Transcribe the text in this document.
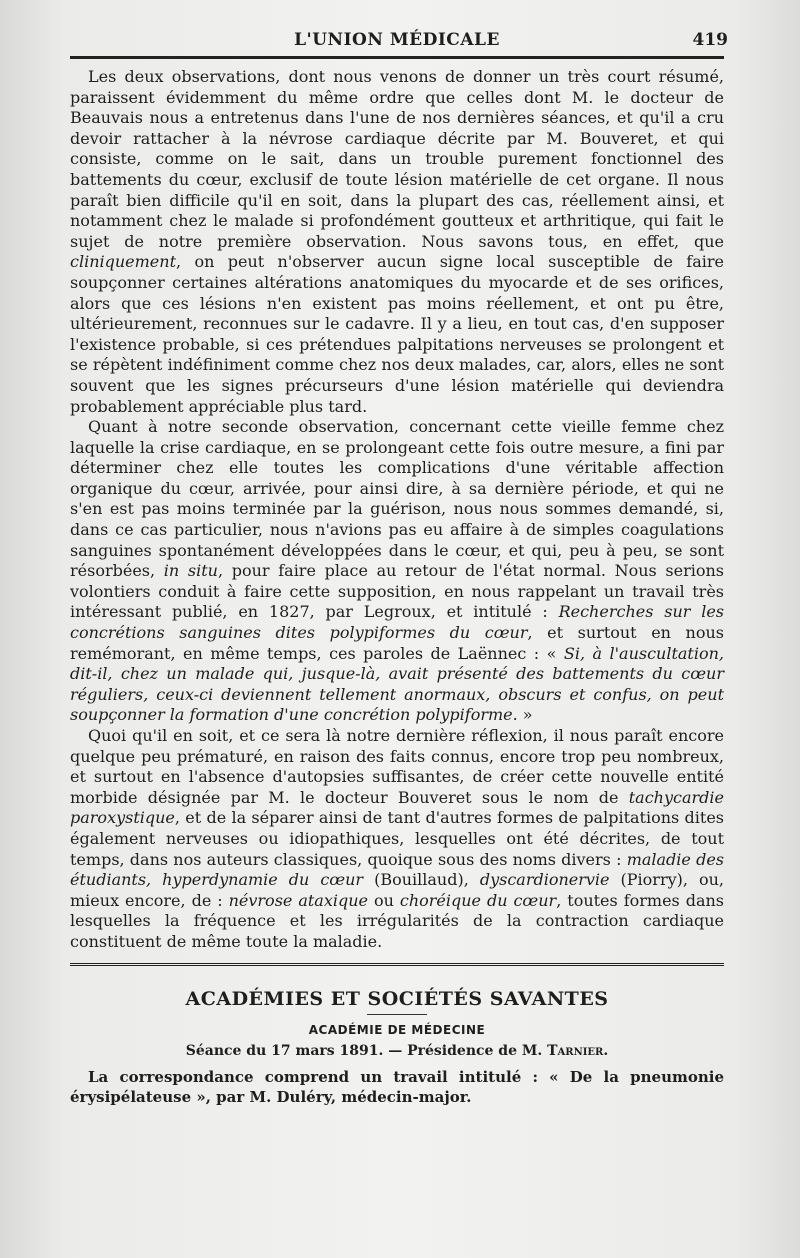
L'UNION MÉDICALE	419

Les deux observations, dont nous venons de donner un très court résumé, paraissent évidemment du même ordre que celles dont M. le docteur de Beauvais nous a entretenus dans l'une de nos dernières séances, et qu'il a cru devoir rattacher à la névrose cardiaque décrite par M. Bouveret, et qui consiste, comme on le sait, dans un trouble purement fonctionnel des battements du cœur, exclusif de toute lésion matérielle de cet organe. Il nous paraît bien difficile qu'il en soit, dans la plupart des cas, réellement ainsi, et notamment chez le malade si profondément goutteux et arthritique, qui fait le sujet de notre première observation. Nous savons tous, en effet, que cliniquement, on peut n'observer aucun signe local susceptible de faire soupçonner certaines altérations anatomiques du myocarde et de ses orifices, alors que ces lésions n'en existent pas moins réellement, et ont pu être, ultérieurement, reconnues sur le cadavre. Il y a lieu, en tout cas, d'en supposer l'existence probable, si ces prétendues palpitations nerveuses se prolongent et se répètent indéfiniment comme chez nos deux malades, car, alors, elles ne sont souvent que les signes précurseurs d'une lésion matérielle qui deviendra probablement appréciable plus tard.

Quant à notre seconde observation, concernant cette vieille femme chez laquelle la crise cardiaque, en se prolongeant cette fois outre mesure, a fini par déterminer chez elle toutes les complications d'une véritable affection organique du cœur, arrivée, pour ainsi dire, à sa dernière période, et qui ne s'en est pas moins terminée par la guérison, nous nous sommes demandé, si, dans ce cas particulier, nous n'avions pas eu affaire à de simples coagulations sanguines spontanément développées dans le cœur, et qui, peu à peu, se sont résorbées, in situ, pour faire place au retour de l'état normal. Nous serions volontiers conduit à faire cette supposition, en nous rappelant un travail très intéressant publié, en 1827, par Legroux, et intitulé : Recherches sur les concrétions sanguines dites polypiformes du cœur, et surtout en nous remémorant, en même temps, ces paroles de Laënnec : « Si, à l'auscultation, dit-il, chez un malade qui, jusque-là, avait présenté des battements du cœur réguliers, ceux-ci deviennent tellement anormaux, obscurs et confus, on peut soupçonner la formation d'une concrétion polypiforme. »

Quoi qu'il en soit, et ce sera là notre dernière réflexion, il nous paraît encore quelque peu prématuré, en raison des faits connus, encore trop peu nombreux, et surtout en l'absence d'autopsies suffisantes, de créer cette nouvelle entité morbide désignée par M. le docteur Bouveret sous le nom de tachycardie paroxystique, et de la séparer ainsi de tant d'autres formes de palpitations dites également nerveuses ou idiopathiques, lesquelles ont été décrites, de tout temps, dans nos auteurs classiques, quoique sous des noms divers : maladie des étudiants, hyperdynamie du cœur (Bouillaud), dyscardionervie (Piorry), ou, mieux encore, de : névrose ataxique ou choréique du cœur, toutes formes dans lesquelles la fréquence et les irrégularités de la contraction cardiaque constituent de même toute la maladie.

ACADÉMIES ET SOCIÉTÉS SAVANTES
ACADÉMIE DE MÉDECINE
Séance du 17 mars 1891. — Présidence de M. Tarnier.

La correspondance comprend un travail intitulé : « De la pneumonie érysipélateuse », par M. Duléry, médecin-major.
